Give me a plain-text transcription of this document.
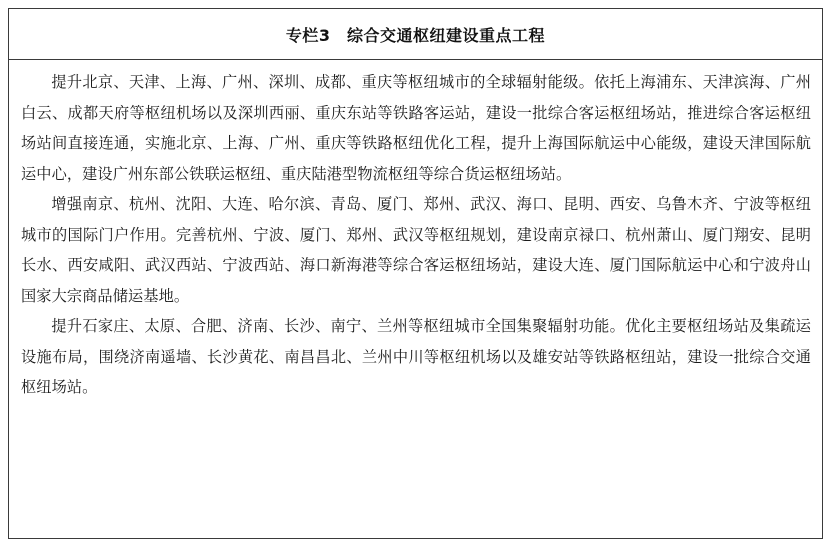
专栏3　综合交通枢纽建设重点工程

提升北京、天津、上海、广州、深圳、成都、重庆等枢纽城市的全球辐射能级。依托上海浦东、天津滨海、广州白云、成都天府等枢纽机场以及深圳西丽、重庆东站等铁路客运站，建设一批综合客运枢纽场站，推进综合客运枢纽场站间直接连通，实施北京、上海、广州、重庆等铁路枢纽优化工程，提升上海国际航运中心能级，建设天津国际航运中心，建设广州东部公铁联运枢纽、重庆陆港型物流枢纽等综合货运枢纽场站。

增强南京、杭州、沈阳、大连、哈尔滨、青岛、厦门、郑州、武汉、海口、昆明、西安、乌鲁木齐、宁波等枢纽城市的国际门户作用。完善杭州、宁波、厦门、郑州、武汉等枢纽规划，建设南京禄口、杭州萧山、厦门翔安、昆明长水、西安咸阳、武汉西站、宁波西站、海口新海港等综合客运枢纽场站，建设大连、厦门国际航运中心和宁波舟山国家大宗商品储运基地。

提升石家庄、太原、合肥、济南、长沙、南宁、兰州等枢纽城市全国集聚辐射功能。优化主要枢纽场站及集疏运设施布局，围绕济南遥墙、长沙黄花、南昌昌北、兰州中川等枢纽机场以及雄安站等铁路枢纽站，建设一批综合交通枢纽场站。
